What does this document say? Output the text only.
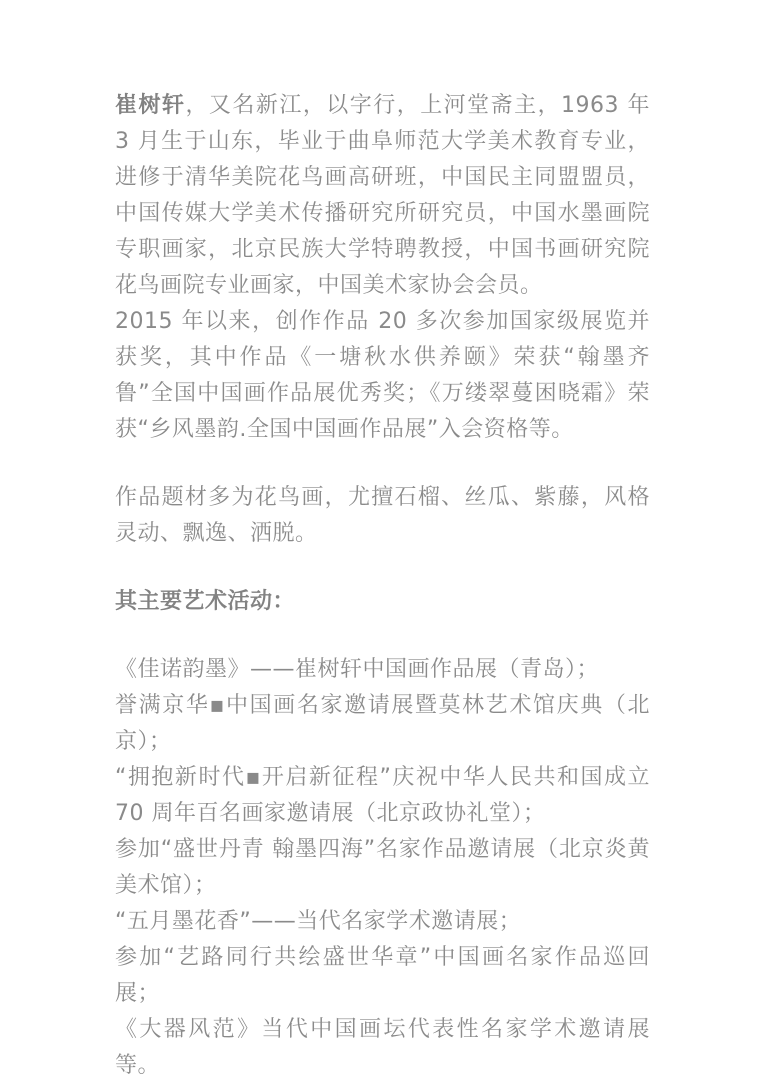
崔树轩，又名新江，以字行，上河堂斋主，1963 年 3 月生于山东，毕业于曲阜师范大学美术教育专业，进修于清华美院花鸟画高研班，中国民主同盟盟员，中国传媒大学美术传播研究所研究员，中国水墨画院专职画家，北京民族大学特聘教授，中国书画研究院花鸟画院专业画家，中国美术家协会会员。

2015 年以来，创作作品 20 多次参加国家级展览并获奖，其中作品《一塘秋水供养颐》荣获“翰墨齐鲁”全国中国画作品展优秀奖；《万缕翠蔓困晓霜》荣获“乡风墨韵.全国中国画作品展”入会资格等。

作品题材多为花鸟画，尤擅石榴、丝瓜、紫藤，风格灵动、飘逸、洒脱。

其主要艺术活动：

《佳诺韵墨》——崔树轩中国画作品展（青岛）；

誉满京华▪中国画名家邀请展暨莫林艺术馆庆典（北京）；

“拥抱新时代▪开启新征程”庆祝中华人民共和国成立 70 周年百名画家邀请展（北京政协礼堂）；

参加“盛世丹青 翰墨四海”名家作品邀请展（北京炎黄美术馆）；

“五月墨花香”——当代名家学术邀请展；

参加“艺路同行共绘盛世华章”中国画名家作品巡回展；

《大器风范》当代中国画坛代表性名家学术邀请展等。
